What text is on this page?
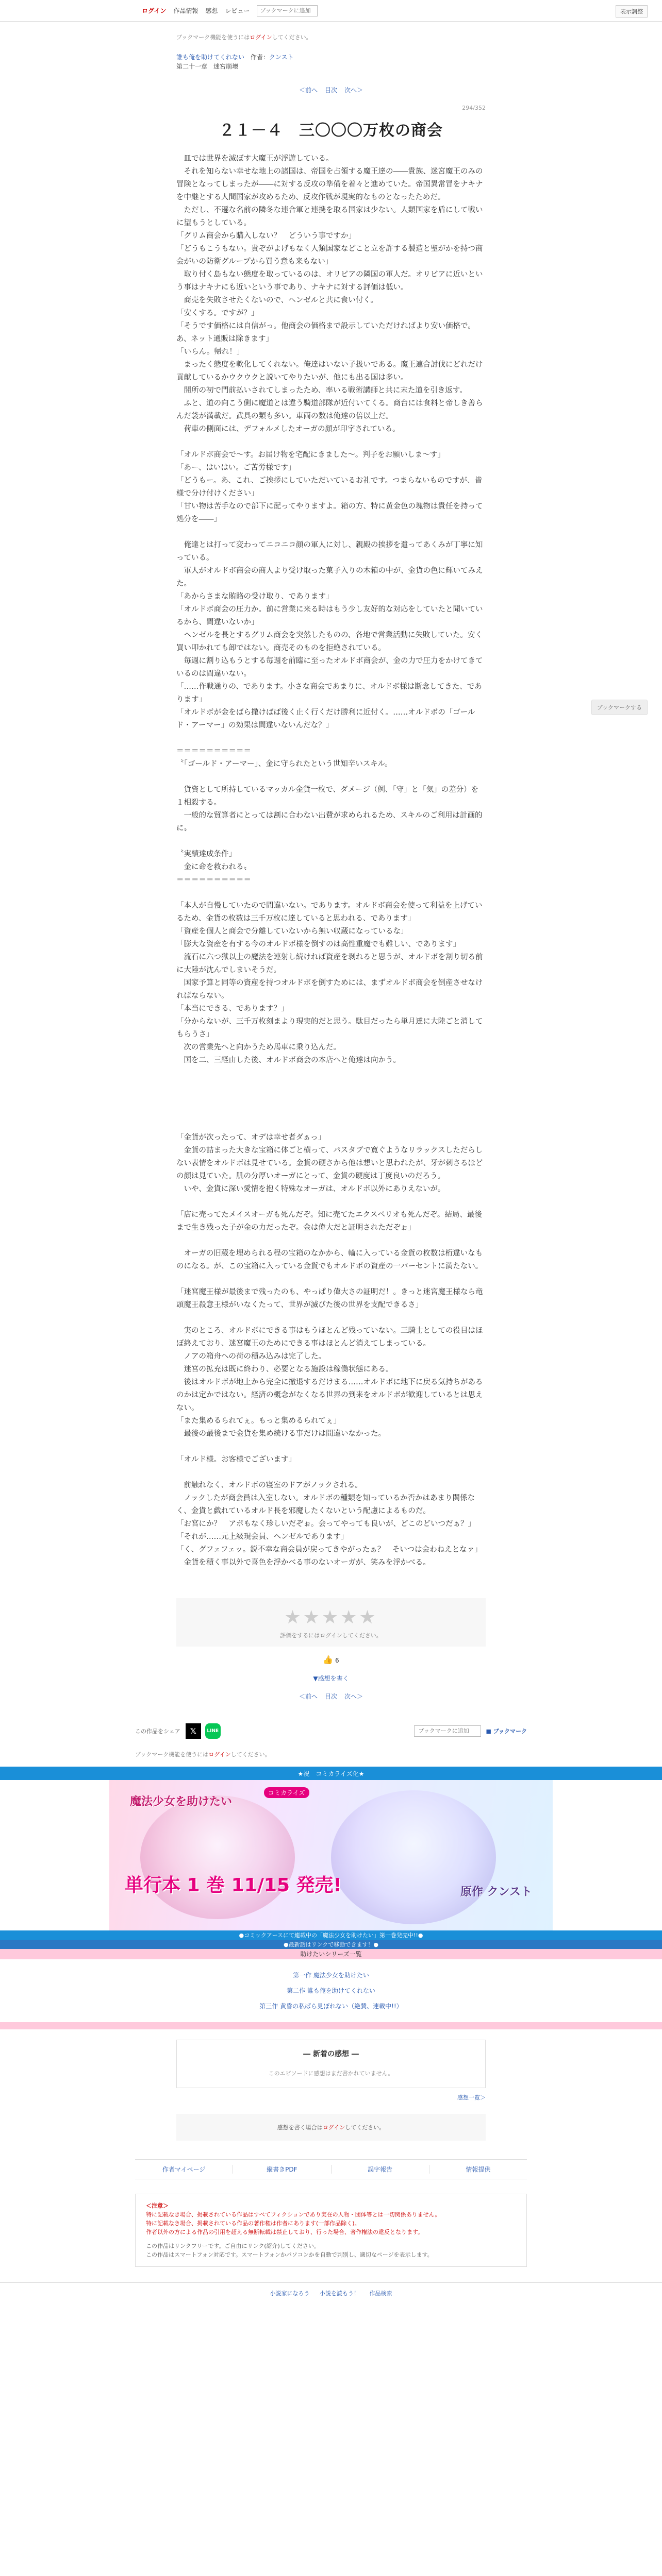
ログイン 作品情報 感想 レビュー
ブックマークに追加	表示調整
ブックマーク機能を使うにはログインしてください。
誰も俺を助けてくれない 作者：クンスト
第二十一章　迷宮崩壊
＜前へ 目次 次へ＞
294/352
２１－４　三〇〇〇万枚の商会
　皿では世界を滅ぼす大魔王が浮遊している。
　それを知らない幸せな地上の諸国は、帝国を占領する魔王達の――貴族、迷宮魔王のみの冒険となってしまったが――に対する反攻の準備を着々と進めていた。帝国異常冒をナキナを中継とする人間国家が攻めるため、反攻作戦が現実的なものとなったためだ。
　ただし、不遜な名前の隣冬な連合軍と連携を取る国家は少ない。人類国家を盾にして戦いに望もうとしている。
「グリム商会から購入しない？　どういう事ですか」
「どうもこうもない。貴ぞがよげもなく人類国家などこと立を許する製造と聖がかを持つ商会がいの防衛グループから買う意も来もない」
　取り付く島もない態度を取っているのは、オリビアの隣国の軍人だ。オリビアに近いという事はナキナにも近いという事であり、ナキナに対する評価は低い。
　商売を失敗させたくないので、ヘンゼルと共に食い付く。
「安くする。ですが？」
「そうです価格には自信がっ。他商会の価格まで設示していただければより安い価格で。あ、ネット通販は除きます」
「いらん。帰れ！」
　まったく態度を軟化してくれない。俺達はいない子扱いである。魔王連合討伐にどれだけ貢献しているかウクウクと説いてやりたいが、他にも出る国は多い。
　開所の初で門前払いされてしまったため、率いる戦術講師と共に末た道を引き返す。
　ふと、道の向こう側に魔道とは違う騎道部隊が近付いてくる。商台には食料と帝しき善らんだ袋が満載だ。武具の類も多い。車両の数は俺達の倍以上だ。
　荷車の側面には、デフォルメしたオーガの顔が印字されている。
「オルドボ商会で～す。お届け物を宅配にきました～。判子をお願いしま～す」
「あー、はいはい。ご苦労様です」
「どうもー。あ、これ、ご挨拶にしていただいているお礼です。つまらないものですが、皆様で分け付けください」
「甘い物は苦手なので部下に配ってやりますよ。箱の方、特に黄金色の塊物は貴任を持って処分を――」
　俺達とは打って変わってニコニコ顔の軍人に対し、親殿の挨拶を遣ってあくみが丁寧に知っている。
　軍人がオルドボ商会の商人より受け取った菓子入りの木箱の中が、金貨の色に輝いてみえた。
「あからさまな賄賂の受け取り、であります」
「オルドボ商会の圧力か。前に営業に来る時はもう少し友好的な対応をしていたと聞いているから、間違いないか」
　ヘンゼルを長とするグリム商会を突然したものの、各地で営業活動に失敗していた。安く買い叩かれても卸ではない。商売そのものを拒絶されている。
　毎週に割り込もうとする毎週を前臨に至ったオルドボ商会が、金の力で圧力をかけてきているのは間違いない。
「……作戦通りの、であります。小さな商会であまりに、オルドボ様は断念してきた、であります」
「オルドボが金をばら撒けばば後く止く行くだけ勝利に近付く。……オルドボの「ゴールド・アーマー」の効果は間違いないんだな？」
＝＝＝＝＝＝＝＝＝＝
〝「ゴールド・アーマー」、金に守られたという世知辛いスキル。
　貨資として所持しているマッカル金貨一枚で、ダメージ（例、「守」と「気」の差分）を１相殺する。
　一般的な貿算者にとっては割に合わない出費が求められるため、スキルのご利用は計画的に〟
〝実績達成条件」
　金に命を救われる〟
＝＝＝＝＝＝＝＝＝＝
「本人が自慢していたので間違いない。であります。オルドボ商会を使って利益を上げているため、金貨の枚数は三千万枚に達していると思われる、であります」
「資産を個人と商会で分離していないから無い収蔵になっているな」
「膨大な資産を有する今のオルドボ様を倒すのは高性重魔でも難しい、であります」
　流石に六つ獄以上の魔法を連射し続ければ資産を剥れると思うが、オルドボを割り切る前に大陸が沈んでしまいそうだ。
　国家予算と同等の資産を持つオルドボを倒すためには、まずオルドボ商会を倒産させなければならない。
「本当にできる、であります？」
「分からないが、三千万枚刻まより現実的だと思う。駄目だったら単月達に大陸ごと消してもらうさ」
　次の営業先へと向かうため馬車に乗り込んだ。
　国を二、三経由した後、オルドボ商会の本店へと俺達は向かう。
「金貨が次ったって、オデは幸せ者ダぁっ」
　金貨の詰まった大きな宝箱に体ごと横って、パスタブで寛ぐようなリラックスしただらしない表情をオルドボは見せている。金貨の硬さから他は想いと思われたが、牙が刺さるほどの顔は見ていた。肌の分厚いオーガにとって、金貨の硬度は丁度良いのだろう。
　いや、金貨に深い愛情を抱く特殊なオーガは、オルドボ以外にありえないが。
「店に売ってたメイスオーガも死んだぞ。知に売てたエクスペリオも死んだぞ。結局、最後まで生き残った子が金の力だったぞ。金は偉大だと証明されただぞぉ」
　オーガの旧蔵を埋められる程の宝箱のなかから、輪に入っている金貨の枚数は桁違いなものになる。が、この宝箱に入っている金貨でもオルドボの資産の一パーセントに満たない。
「迷宮魔王様が最後まで残ったのも、やっぱり偉大さの証明だ！。きっと迷宮魔王様なら竜頭魔王殺意王様がいなくたって、世界が滅びた後の世界を支配できるさ」
　実のところ、オルドボにできる事はもうほとんど残っていない。三騎士としての役目はほぼ終えており、迷宮魔王のためにできる事はほとんど消えてしまっている。
　ノアの箱舟への荷の積み込みは完了した。
　迷宮の拡充は既に終わり、必要となる施設は稼働状態にある。
　後はオルドボが地上から完全に撤退するだけまる……オルドボに地下に戻る気持ちがあるのかは定かではない。経済の概念がなくなる世界の到来をオルドボが歓迎しているとは思えない。
「また集めるられてぇ。もっと集めるられてぇ」
　最後の最後まで金貨を集め続ける事だけは間違いなかった。
「オルド様。お客様でございます」
　前触れなく、オルドボの寝室のドアがノックされる。
　ノックしたが商会員は入室しない。オルドボの種類を知っているか否かはあまり関係なく、金貨と戯れているオルド長を邪魔したくないという配慮によるものだ。
「お宮にか？　アポもなく珍しいだぞぉ。会ってやっても良いが、どこのどいつだぁ？」
「それが……元上級現会員、ヘンゼルであります」
「く、グフェフェッ。鋭不幸な商会員が戻ってきやがったぁ？　そいつは会わねえとなァ」
　金貨を積く事以外で喜色を浮かべる事のないオーガが、笑みを浮かべる。
★★★★★
評価をするにはログインしてください。
👍 6
▼感想を書く
＜前へ 目次 次へ＞
ブックマークする
この作品をシェア	𝕏	LINE
ブックマークに追加	■ ブックマーク
ブックマーク機能を使うにはログインしてください。
★祝　コミカライズ化★
コミカライズ
魔法少女を助けたい
単行本 1 巻 11/15 発売!	原作 クンスト
●コミックアースにて連載中の「魔法少女を助けたい」第一巻発売中!!●
●最新話はリンクで移動できます！●
助けたいシリーズ一覧
第一作 魔法少女を助けたい
第二作 誰も俺を助けてくれない
第三作 黄昏の私ぱら見ぽれない（絶賛、連載中!!）
― 新着の感想 ―
このエピソードに感想はまだ書かれていません。
感想一覧＞
感想を書く場合はログインしてください。
作者マイページ	縦書きPDF	誤字報告	情報提供
＜注意＞
特に記載なき場合、掲載されている作品はすべてフィクションであり実在の人物・団体等とは一切関係ありません。
特に記載なき場合、掲載されている作品の著作権は作者にあります(一部作品除く)。
作者以外の方による作品の引用を超える無断転載は禁止しており、行った場合、著作権法の違反となります。
この作品はリンクフリーです。ご自由にリンク(紹介)してください。
この作品はスマートフォン対応です。スマートフォンかパソコンかを自動で判別し、適切なページを表示します。
小説家になろう 小説を読もう！ 作品検索
